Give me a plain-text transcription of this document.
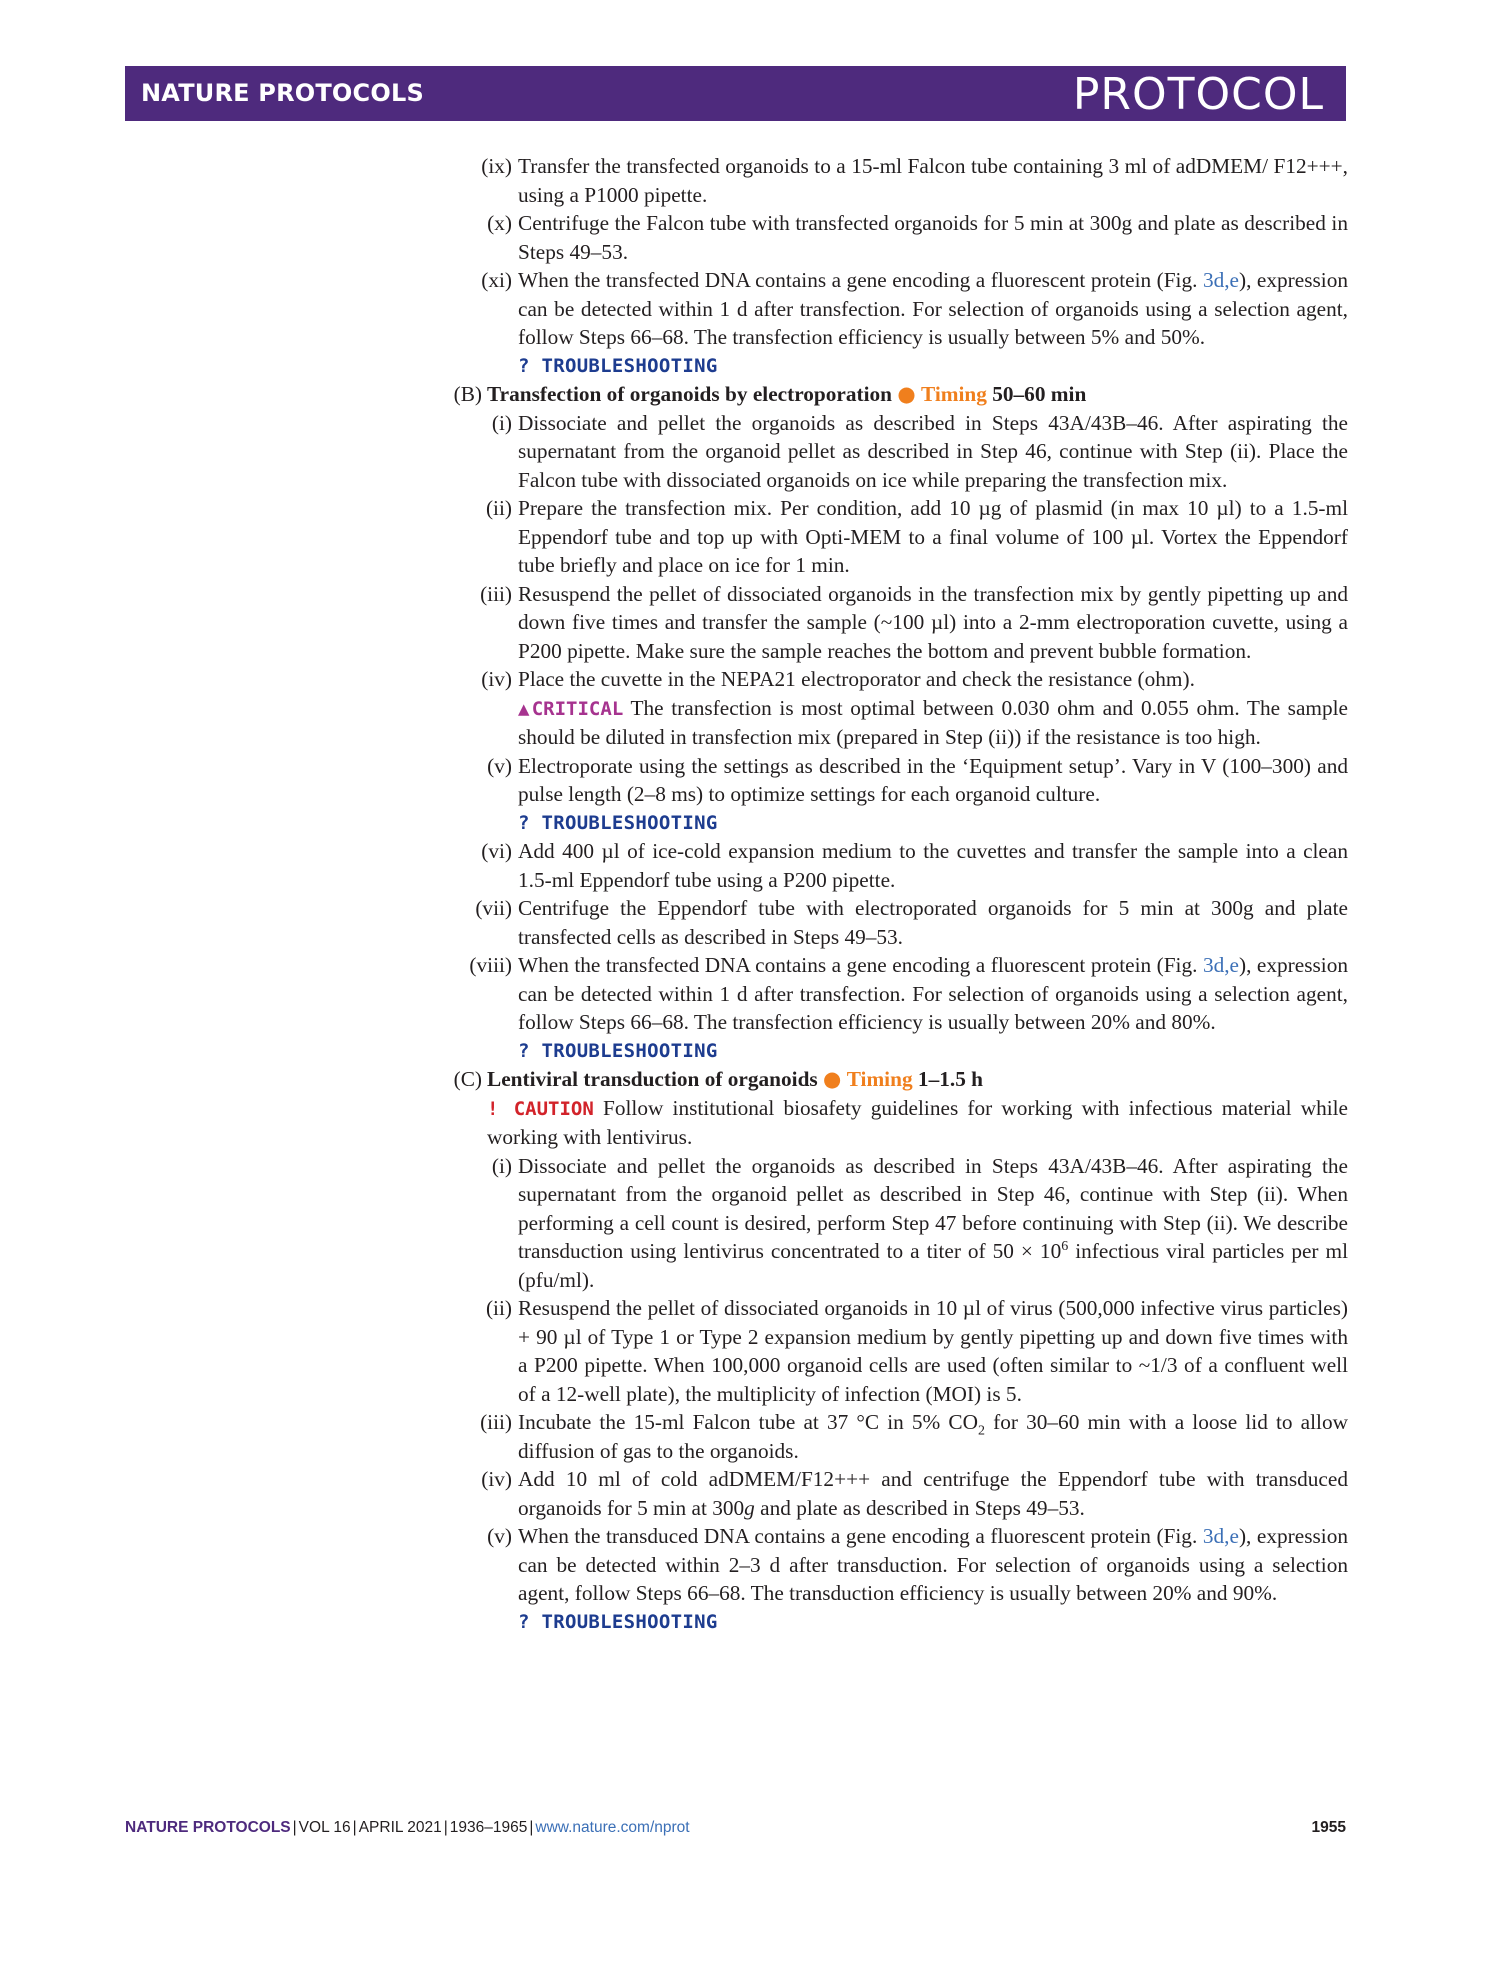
NATURE PROTOCOLS	PROTOCOL
(ix) Transfer the transfected organoids to a 15-ml Falcon tube containing 3 ml of adDMEM/ F12+++, using a P1000 pipette.
(x) Centrifuge the Falcon tube with transfected organoids for 5 min at 300g and plate as described in Steps 49–53.
(xi) When the transfected DNA contains a gene encoding a fluorescent protein (Fig. 3d,e), expression can be detected within 1 d after transfection. For selection of organoids using a selection agent, follow Steps 66–68. The transfection efficiency is usually between 5% and 50%.
? TROUBLESHOOTING
(B) Transfection of organoids by electroporation ● Timing 50–60 min
(i) Dissociate and pellet the organoids as described in Steps 43A/43B–46. After aspirating the supernatant from the organoid pellet as described in Step 46, continue with Step (ii). Place the Falcon tube with dissociated organoids on ice while preparing the transfection mix.
(ii) Prepare the transfection mix. Per condition, add 10 µg of plasmid (in max 10 µl) to a 1.5-ml Eppendorf tube and top up with Opti-MEM to a final volume of 100 µl. Vortex the Eppendorf tube briefly and place on ice for 1 min.
(iii) Resuspend the pellet of dissociated organoids in the transfection mix by gently pipetting up and down five times and transfer the sample (~100 µl) into a 2-mm electroporation cuvette, using a P200 pipette. Make sure the sample reaches the bottom and prevent bubble formation.
(iv) Place the cuvette in the NEPA21 electroporator and check the resistance (ohm).
▲CRITICAL The transfection is most optimal between 0.030 ohm and 0.055 ohm. The sample should be diluted in transfection mix (prepared in Step (ii)) if the resistance is too high.
(v) Electroporate using the settings as described in the ‘Equipment setup’. Vary in V (100–300) and pulse length (2–8 ms) to optimize settings for each organoid culture.
? TROUBLESHOOTING
(vi) Add 400 µl of ice-cold expansion medium to the cuvettes and transfer the sample into a clean 1.5-ml Eppendorf tube using a P200 pipette.
(vii) Centrifuge the Eppendorf tube with electroporated organoids for 5 min at 300g and plate transfected cells as described in Steps 49–53.
(viii) When the transfected DNA contains a gene encoding a fluorescent protein (Fig. 3d,e), expression can be detected within 1 d after transfection. For selection of organoids using a selection agent, follow Steps 66–68. The transfection efficiency is usually between 20% and 80%.
? TROUBLESHOOTING
(C) Lentiviral transduction of organoids ● Timing 1–1.5 h
! CAUTION Follow institutional biosafety guidelines for working with infectious material while working with lentivirus.
(i) Dissociate and pellet the organoids as described in Steps 43A/43B–46. After aspirating the supernatant from the organoid pellet as described in Step 46, continue with Step (ii). When performing a cell count is desired, perform Step 47 before continuing with Step (ii). We describe transduction using lentivirus concentrated to a titer of $50 \times 10^6$ infectious viral particles per ml (pfu/ml).
(ii) Resuspend the pellet of dissociated organoids in 10 µl of virus (500,000 infective virus particles) + 90 µl of Type 1 or Type 2 expansion medium by gently pipetting up and down five times with a P200 pipette. When 100,000 organoid cells are used (often similar to ~1/3 of a confluent well of a 12-well plate), the multiplicity of infection (MOI) is 5.
(iii) Incubate the 15-ml Falcon tube at 37 °C in 5% $CO_2$ for 30–60 min with a loose lid to allow diffusion of gas to the organoids.
(iv) Add 10 ml of cold adDMEM/F12+++ and centrifuge the Eppendorf tube with transduced organoids for 5 min at 300g and plate as described in Steps 49–53.
(v) When the transduced DNA contains a gene encoding a fluorescent protein (Fig. 3d,e), expression can be detected within 2–3 d after transduction. For selection of organoids using a selection agent, follow Steps 66–68. The transduction efficiency is usually between 20% and 90%.
? TROUBLESHOOTING
NATURE PROTOCOLS | VOL 16 | APRIL 2021 | 1936–1965 | www.nature.com/nprot	1955
